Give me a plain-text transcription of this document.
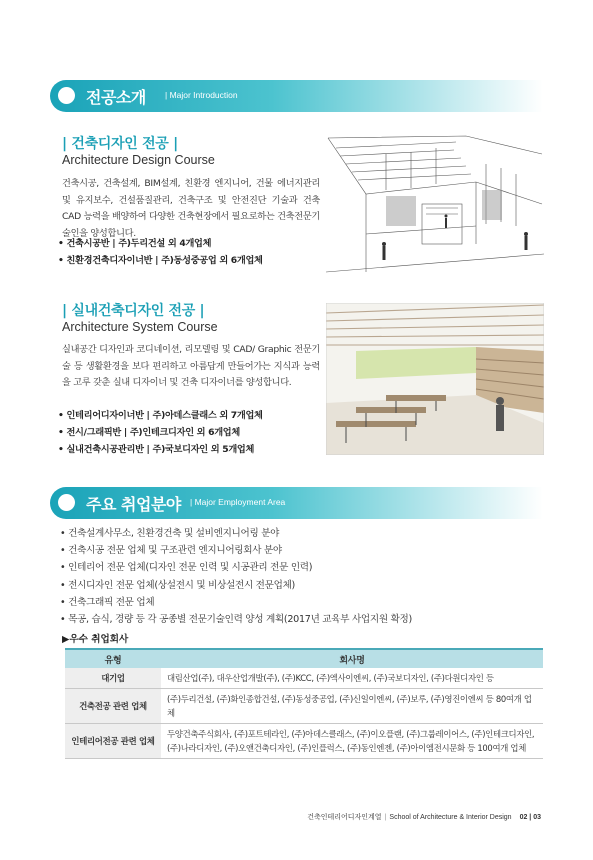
전공소개 | Major Introduction
| 건축디자인 전공 |
Architecture Design Course
건축시공, 건축설계, BIM설계, 친환경 엔지니어, 건물 에너지관리 및 유지보수, 건설품질관리, 건축구조 및 안전진단 기술과 건축 CAD 능력을 배양하여 다양한 건축현장에서 필요로하는 건축전문기술인을 양성합니다.
• 건축시공반 | 주)두리건설 외 4개업체
• 친환경건축디자이너반 | 주)동성중공업 외 6개업체
| 실내건축디자인 전공 |
Architecture System Course
실내공간 디자인과 코디네이션, 리모델링 및 CAD/ Graphic 전문기술 등 생활환경을 보다 편리하고 아름답게 만들어가는 지식과 능력을 고루 갖춘 실내 디자이너 및 건축 디자이너를 양성합니다.
• 인테리어디자이너반 | 주)아데스클래스 외 7개업체
• 전시/그래픽반 | 주)인테크디자인 외 6개업체
• 실내건축시공관리반 | 주)국보디자인 외 5개업체
주요 취업분야 | Major Employment Area
• 건축설계사무소, 친환경건축 및 설비엔지니어링 분야
• 건축시공 전문 업체 및 구조관련 엔지니어링회사 분야
• 인테리어 전문 업체(디자인 전문 인력 및 시공관리 전문 인력)
• 전시디자인 전문 업체(상설전시 및 비상설전시 전문업체)
• 건축그래픽 전문 업체
• 목공, 습식, 경량 등 각 공종별 전문기술인력 양성 계획(2017년 교육부 사업지원 확정)
▶우수 취업회사
유형	회사명
대기업	대림산업(주), 대우산업개발(주), (주)KCC, (주)엑사이엔씨, (주)국보디자인, (주)다원디자인 등
건축전공 관련 업체	(주)두리건설, (주)화인종합건설, (주)동성중공업, (주)신일이엔씨, (주)보루, (주)영진이엔씨 등 80여개 업체
인테리어전공 관련 업체	두양건축주식회사, (주)포트테라인, (주)아데스클래스, (주)이오플랜, (주)그룹레이어스, (주)인테크디자인, (주)나라디자인, (주)오앤건축디자인, (주)인플럭스, (주)동인엔젠, (주)아이엠전시문화 등 100여개 업체
건축인테리어디자인계열 | School of Architecture & Interior Design 02 | 03
